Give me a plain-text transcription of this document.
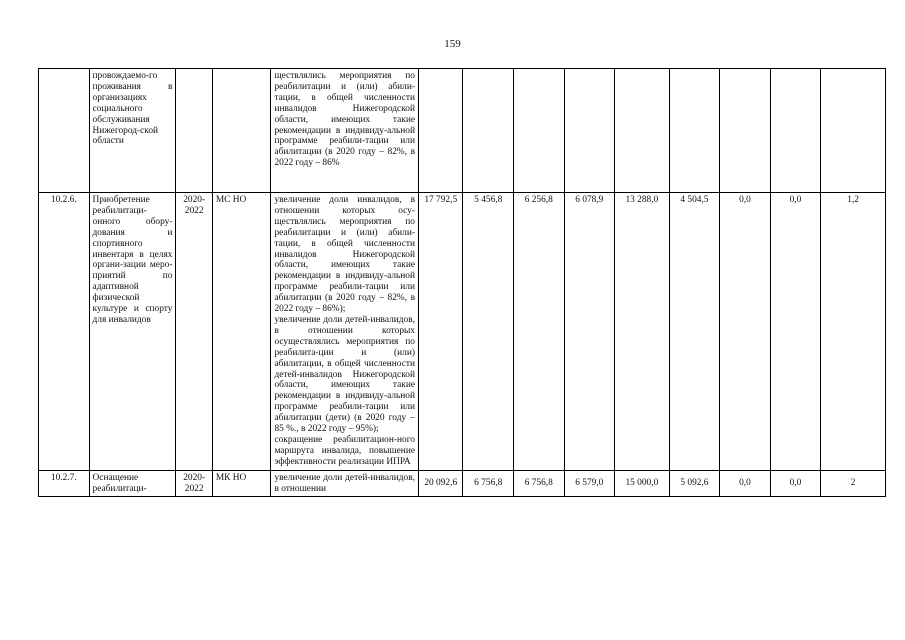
159
	провождаемо-го проживания в организациях социального обслуживания Нижегород-ской области			ществлялись мероприятия по реабилитации и (или) абили-тации, в общей численности инвалидов Нижегородской области, имеющих такие рекомендации в индивиду-альной программе реабили-тации или абилитации (в 2020 году – 82%, в 2022 году – 86%									

10.2.6.	Приобретение реабилитаци-онного обору-дования и спортивного инвентаря в целях органи-зации меро-приятий по адаптивной физической культуре и спорту для инвалидов	2020-2022	МС НО	увеличение доли инвалидов, в отношении которых осу-ществлялись мероприятия по реабилитации и (или) абили-тации, в общей численности инвалидов Нижегородской области, имеющих такие рекомендации в индивиду-альной программе реабили-тации или абилитации (в 2020 году – 82%, в 2022 году – 86%);
увеличение доли детей-инвалидов, в отношении которых осуществлялись мероприятия по реабилита-ции и (или) абилитации, в общей численности детей-инвалидов Нижегородской области, имеющих такие рекомендации в индивиду-альной программе реабили-тации или абилитации (дети) (в 2020 году – 85 %., в 2022 году – 95%);
сокращение реабилитацион-ного маршрута инвалида, повышение эффективности реализации ИПРА	17 792,5	5 456,8	6 256,8	6 078,9	13 288,0	4 504,5	0,0	0,0	1,2
10.2.7.	Оснащение реабилитаци-	2020-2022	МК НО	увеличение доли детей-инвалидов, в отношении	20 092,6	6 756,8	6 756,8	6 579,0	15 000,0	5 092,6	0,0	0,0	2
